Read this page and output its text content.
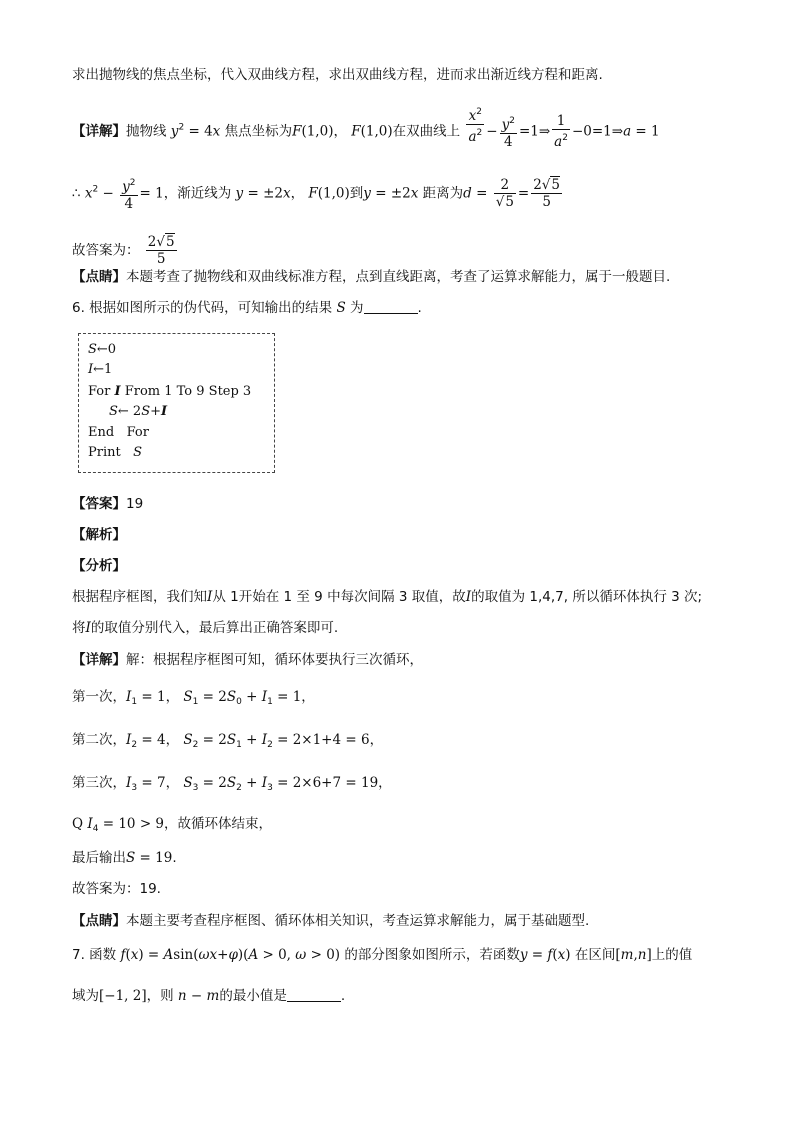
求出抛物线的焦点坐标，代入双曲线方程，求出双曲线方程，进而求出渐近线方程和距离.
【详解】抛物线 $y^2 = 4x$ 焦点坐标为F(1,0)， F(1,0)在双曲线上 $\frac{x^2}{a^2} - \frac{y^2}{4}$ =1⇒ $\frac{1}{a^2}$ −0=1⇒a = 1
∴ $x^2 - \frac{y^2}{4} = 1$，渐近线为 y = ±2x， F(1,0)到y = ±2x 距离为$d = \frac{2}{√5} = \frac{2√5}{5}$
故答案为： $\frac{2√5}{5}$
【点睛】本题考查了抛物线和双曲线标准方程，点到直线距离，考查了运算求解能力，属于一般题目.
6. 根据如图所示的伪代码，可知输出的结果 S 为	.
S←0
I←1
For I From 1 To 9 Step 3
S← 2S+I
End   For
Print   S
【答案】19
【解析】
【分析】
根据程序框图，我们知I从 1开始在 1 至 9 中每次间隔 3 取值，故I的取值为 1,4,7, 所以循环体执行 3 次;
将I的取值分别代入，最后算出正确答案即可.
【详解】解：根据程序框图可知，循环体要执行三次循环，
第一次，$I_1 = 1$， $S_1 = 2S_0 + I_1 = 1$，
第二次，$I_2 = 4$， $S_2 = 2S_1 + I_2 = 2\times 1+4 = 6$，
第三次，$I_3 = 7$， $S_3 = 2S_2 + I_3 = 2\times 6+7 = 19$，
Q $I_4 = 10 > 9$，故循环体结束，
最后输出S = 19.
故答案为：19.
【点睛】本题主要考查程序框图、循环体相关知识，考查运算求解能力，属于基础题型.
7. 函数 f(x) = Asin(ωx+φ)(A > 0, ω > 0) 的部分图象如图所示，若函数y = f(x) 在区间[m,n]上的值
域为[−1, 2]，则 n − m的最小值是	.
